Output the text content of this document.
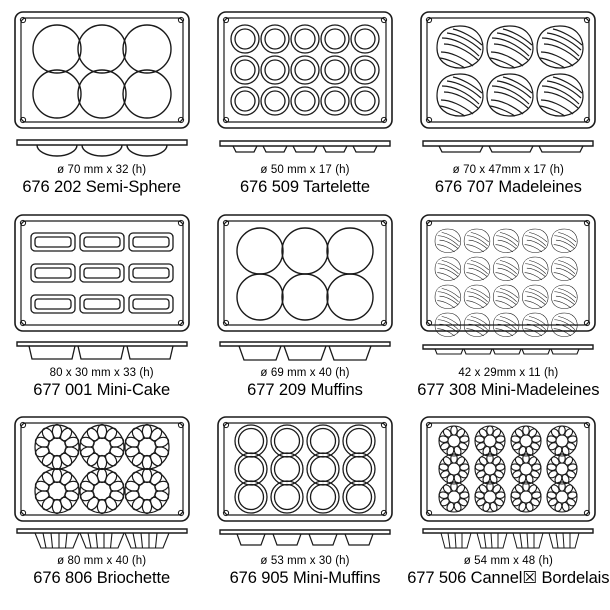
ø 70 mm x 32 (h)
676 202 Semi-Sphere
ø 50 mm x 17 (h)
676 509 Tartelette
ø 70 x 47mm x 17 (h)
676 707 Madeleines
80 x 30 mm x 33 (h)
677 001 Mini-Cake
ø 69 mm x 40 (h)
677 209 Muffins
42 x 29mm x 11 (h)
677 308 Mini-Madeleines
ø 80 mm x 40 (h)
676 806 Briochette
ø 53 mm x 30 (h)
676 905 Mini-Muffins
ø 54 mm x 48 (h)
677 506 Cannel☒ Bordelais
